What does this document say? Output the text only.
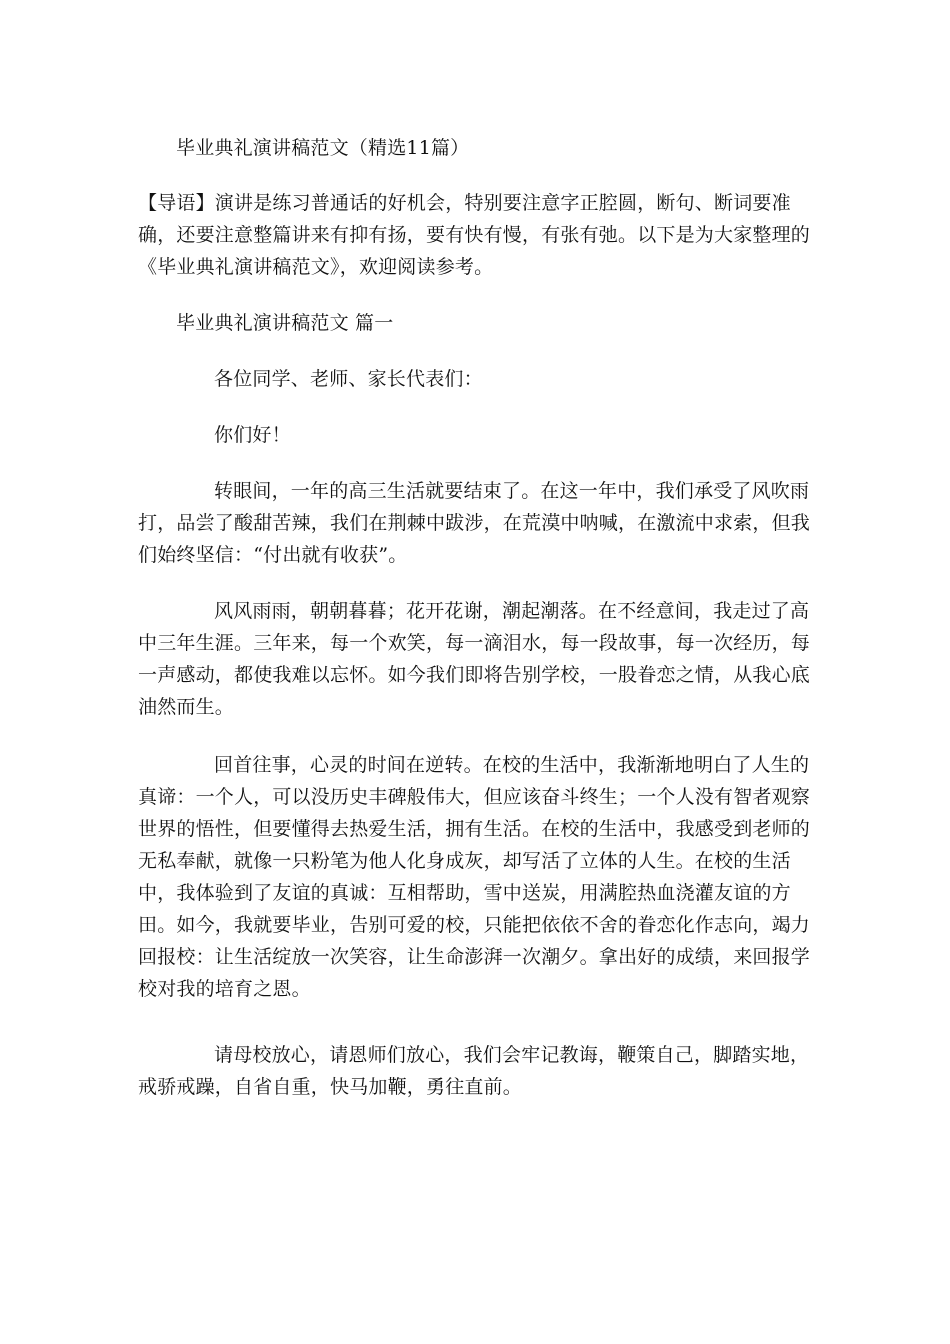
毕业典礼演讲稿范文（精选11篇）

【导语】演讲是练习普通话的好机会，特别要注意字正腔圆，断句、断词要准确，还要注意整篇讲来有抑有扬，要有快有慢，有张有弛。以下是为大家整理的《毕业典礼演讲稿范文》，欢迎阅读参考。

毕业典礼演讲稿范文 篇一

各位同学、老师、家长代表们：

你们好！

转眼间，一年的高三生活就要结束了。在这一年中，我们承受了风吹雨打，品尝了酸甜苦辣，我们在荆棘中跋涉，在荒漠中呐喊，在激流中求索，但我们始终坚信：“付出就有收获”。

风风雨雨，朝朝暮暮；花开花谢，潮起潮落。在不经意间，我走过了高中三年生涯。三年来，每一个欢笑，每一滴泪水，每一段故事，每一次经历，每一声感动，都使我难以忘怀。如今我们即将告别学校，一股眷恋之情，从我心底油然而生。

回首往事，心灵的时间在逆转。在校的生活中，我渐渐地明白了人生的真谛：一个人，可以没历史丰碑般伟大，但应该奋斗终生；一个人没有智者观察世界的悟性，但要懂得去热爱生活，拥有生活。在校的生活中，我感受到老师的无私奉献，就像一只粉笔为他人化身成灰，却写活了立体的人生。在校的生活中，我体验到了友谊的真诚：互相帮助，雪中送炭，用满腔热血浇灌友谊的方田。如今，我就要毕业，告别可爱的校，只能把依依不舍的眷恋化作志向，竭力回报校：让生活绽放一次笑容，让生命澎湃一次潮夕。拿出好的成绩，来回报学校对我的培育之恩。

请母校放心，请恩师们放心，我们会牢记教诲，鞭策自己，脚踏实地，戒骄戒躁，自省自重，快马加鞭，勇往直前。
